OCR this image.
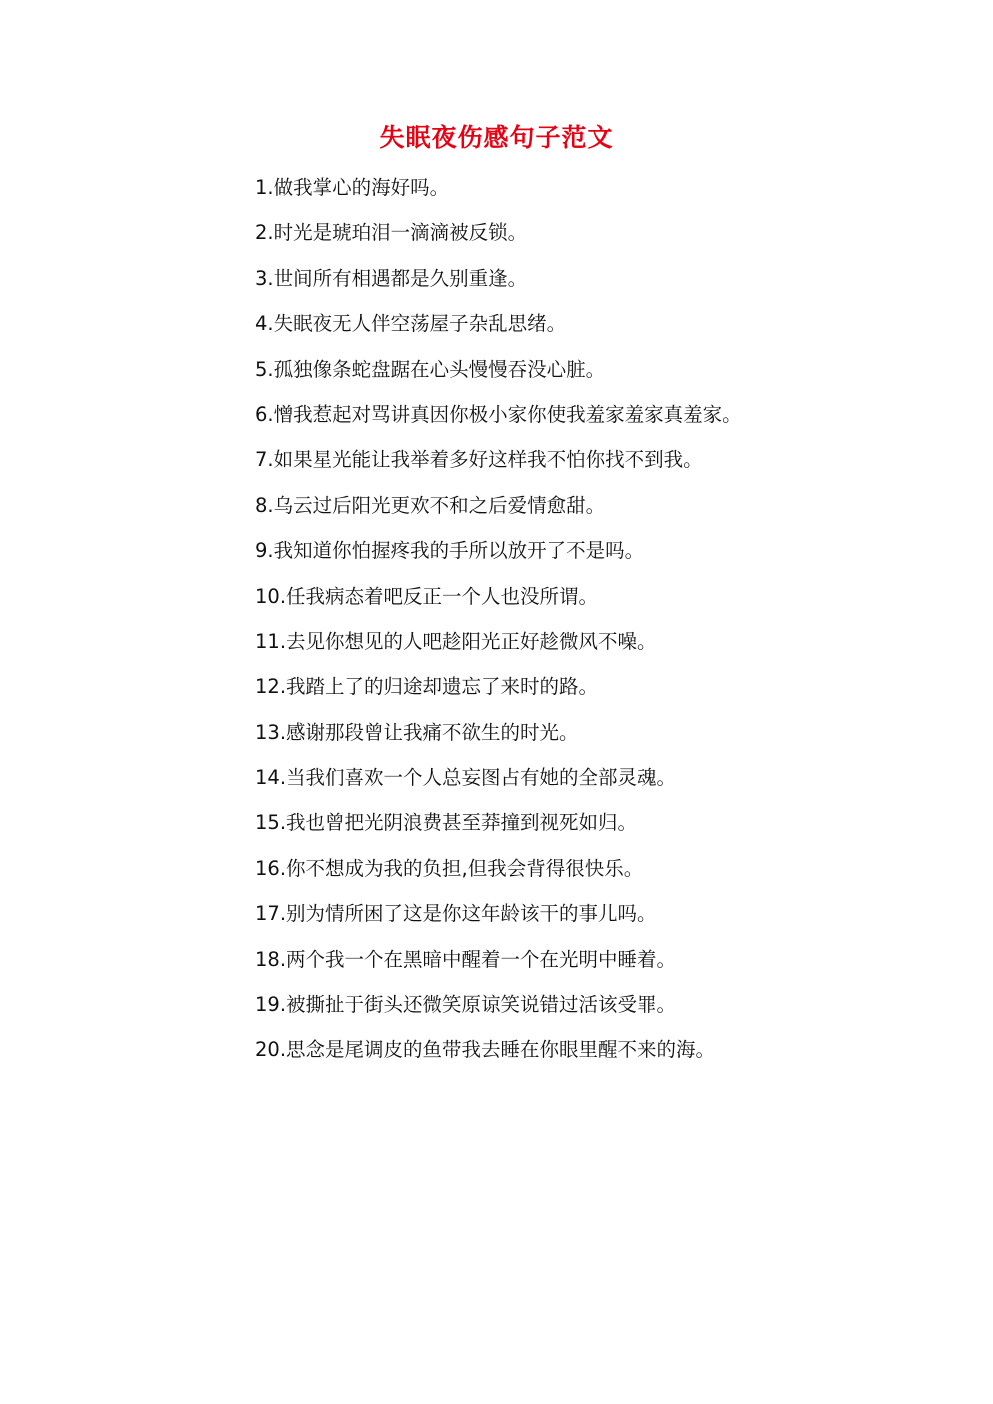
失眠夜伤感句子范文
1.做我掌心的海好吗。
2.时光是琥珀泪一滴滴被反锁。
3.世间所有相遇都是久别重逢。
4.失眠夜无人伴空荡屋子杂乱思绪。
5.孤独像条蛇盘踞在心头慢慢吞没心脏。
6.憎我惹起对骂讲真因你极小家你使我羞家羞家真羞家。
7.如果星光能让我举着多好这样我不怕你找不到我。
8.乌云过后阳光更欢不和之后爱情愈甜。
9.我知道你怕握疼我的手所以放开了不是吗。
10.任我病态着吧反正一个人也没所谓。
11.去见你想见的人吧趁阳光正好趁微风不噪。
12.我踏上了的归途却遗忘了来时的路。
13.感谢那段曾让我痛不欲生的时光。
14.当我们喜欢一个人总妄图占有她的全部灵魂。
15.我也曾把光阴浪费甚至莽撞到视死如归。
16.你不想成为我的负担,但我会背得很快乐。
17.别为情所困了这是你这年龄该干的事儿吗。
18.两个我一个在黑暗中醒着一个在光明中睡着。
19.被撕扯于街头还微笑原谅笑说错过活该受罪。
20.思念是尾调皮的鱼带我去睡在你眼里醒不来的海。
